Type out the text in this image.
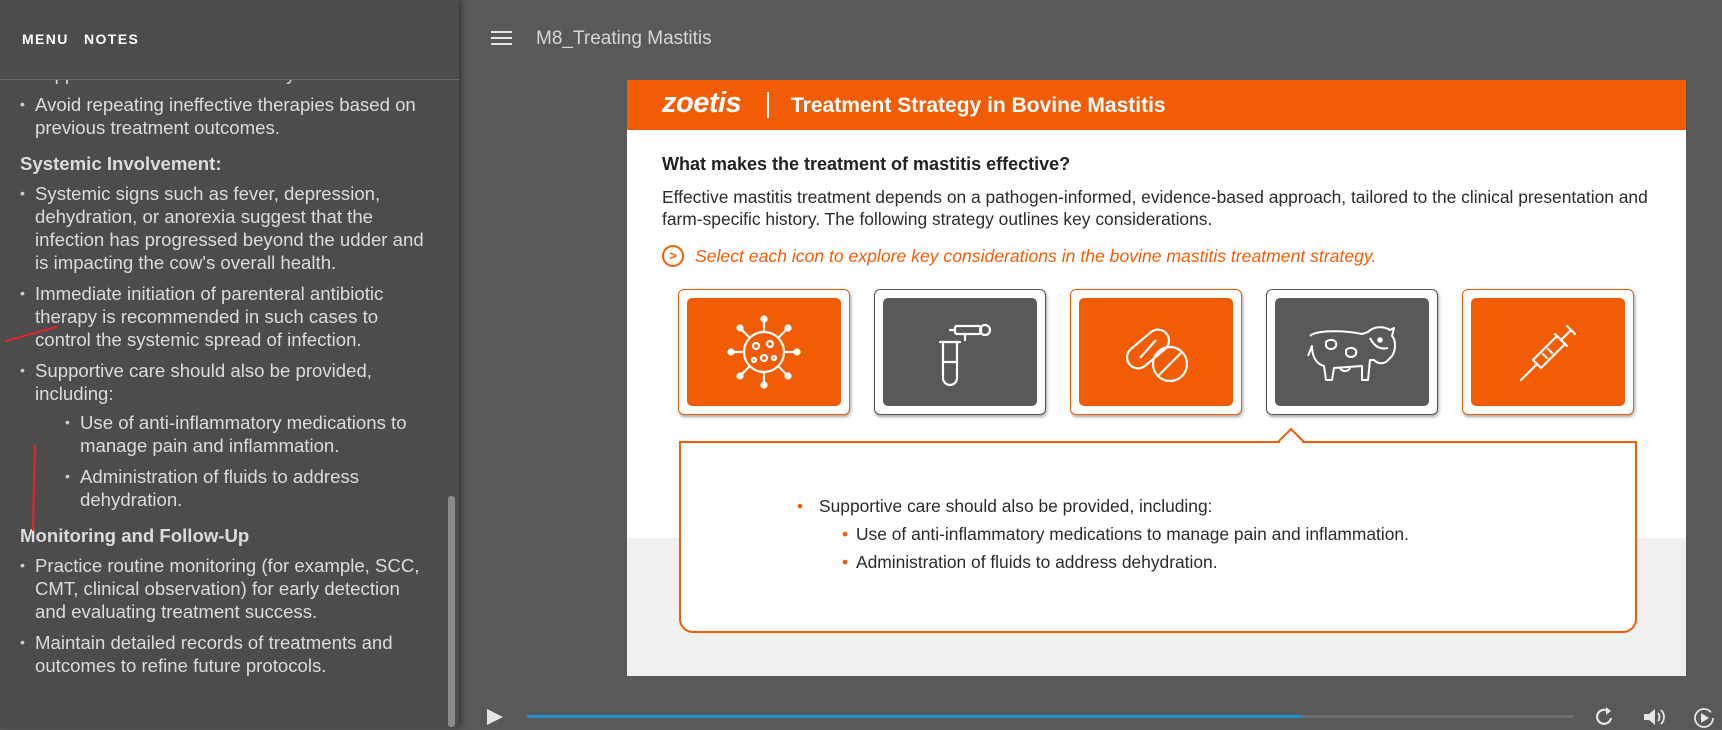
MENU NOTES
• Avoid repeating ineffective therapies based on previous treatment outcomes.
Systemic Involvement:
• Systemic signs such as fever, depression, dehydration, or anorexia suggest that the infection has progressed beyond the udder and is impacting the cow's overall health.
• Immediate initiation of parenteral antibiotic therapy is recommended in such cases to control the systemic spread of infection.
• Supportive care should also be provided, including:
• Use of anti-inflammatory medications to manage pain and inflammation.
• Administration of fluids to address dehydration.
Monitoring and Follow-Up
• Practice routine monitoring (for example, SCC, CMT, clinical observation) for early detection and evaluating treatment success.
• Maintain detailed records of treatments and outcomes to refine future protocols.
M8_Treating Mastitis
zoetis Treatment Strategy in Bovine Mastitis
What makes the treatment of mastitis effective?
Effective mastitis treatment depends on a pathogen-informed, evidence-based approach, tailored to the clinical presentation and farm-specific history. The following strategy outlines key considerations.
>	Select each icon to explore key considerations in the bovine mastitis treatment strategy.
• Supportive care should also be provided, including:
• Use of anti-inflammatory medications to manage pain and inflammation.
• Administration of fluids to address dehydration.
